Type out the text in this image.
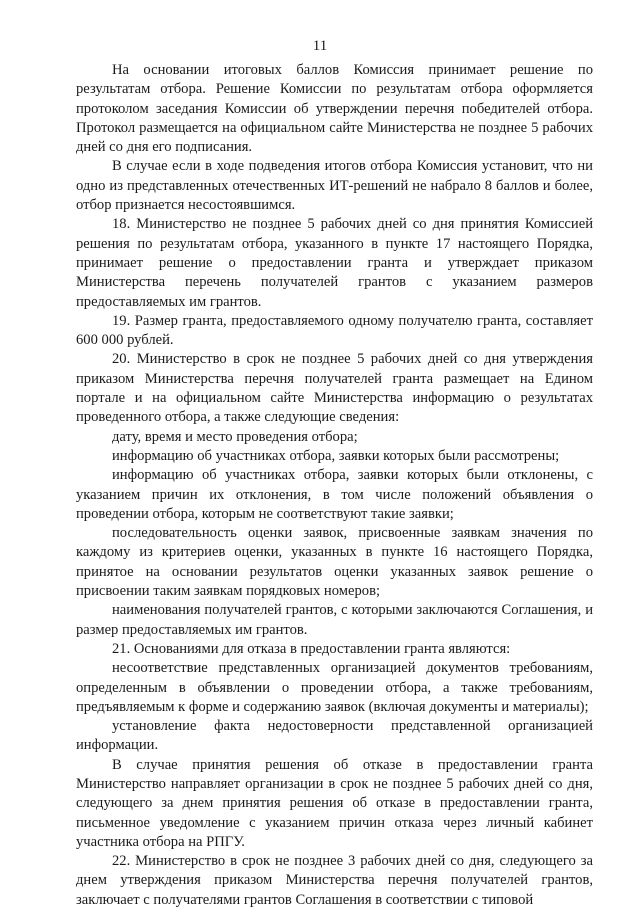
11

На основании итоговых баллов Комиссия принимает решение по результатам отбора. Решение Комиссии по результатам отбора оформляется протоколом заседания Комиссии об утверждении перечня победителей отбора. Протокол размещается на официальном сайте Министерства не позднее 5 рабочих дней со дня его подписания.

В случае если в ходе подведения итогов отбора Комиссия установит, что ни одно из представленных отечественных ИТ-решений не набрало 8 баллов и более, отбор признается несостоявшимся.

18. Министерство не позднее 5 рабочих дней со дня принятия Комиссией решения по результатам отбора, указанного в пункте 17 настоящего Порядка, принимает решение о предоставлении гранта и утверждает приказом Министерства перечень получателей грантов с указанием размеров предоставляемых им грантов.

19. Размер гранта, предоставляемого одному получателю гранта, составляет 600 000 рублей.

20. Министерство в срок не позднее 5 рабочих дней со дня утверждения приказом Министерства перечня получателей гранта размещает на Едином портале и на официальном сайте Министерства информацию о результатах проведенного отбора, а также следующие сведения:

дату, время и место проведения отбора;

информацию об участниках отбора, заявки которых были рассмотрены;

информацию об участниках отбора, заявки которых были отклонены, с указанием причин их отклонения, в том числе положений объявления о проведении отбора, которым не соответствуют такие заявки;

последовательность оценки заявок, присвоенные заявкам значения по каждому из критериев оценки, указанных в пункте 16 настоящего Порядка, принятое на основании результатов оценки указанных заявок решение о присвоении таким заявкам порядковых номеров;

наименования получателей грантов, с которыми заключаются Соглашения, и размер предоставляемых им грантов.

21. Основаниями для отказа в предоставлении гранта являются:

несоответствие представленных организацией документов требованиям, определенным в объявлении о проведении отбора, а также требованиям, предъявляемым к форме и содержанию заявок (включая документы и материалы);

установление факта недостоверности представленной организацией информации.

В случае принятия решения об отказе в предоставлении гранта Министерство направляет организации в срок не позднее 5 рабочих дней со дня, следующего за днем принятия решения об отказе в предоставлении гранта, письменное уведомление с указанием причин отказа через личный кабинет участника отбора на РПГУ.

22. Министерство в срок не позднее 3 рабочих дней со дня, следующего за днем утверждения приказом Министерства перечня получателей грантов, заключает с получателями грантов Соглашения в соответствии с типовой
